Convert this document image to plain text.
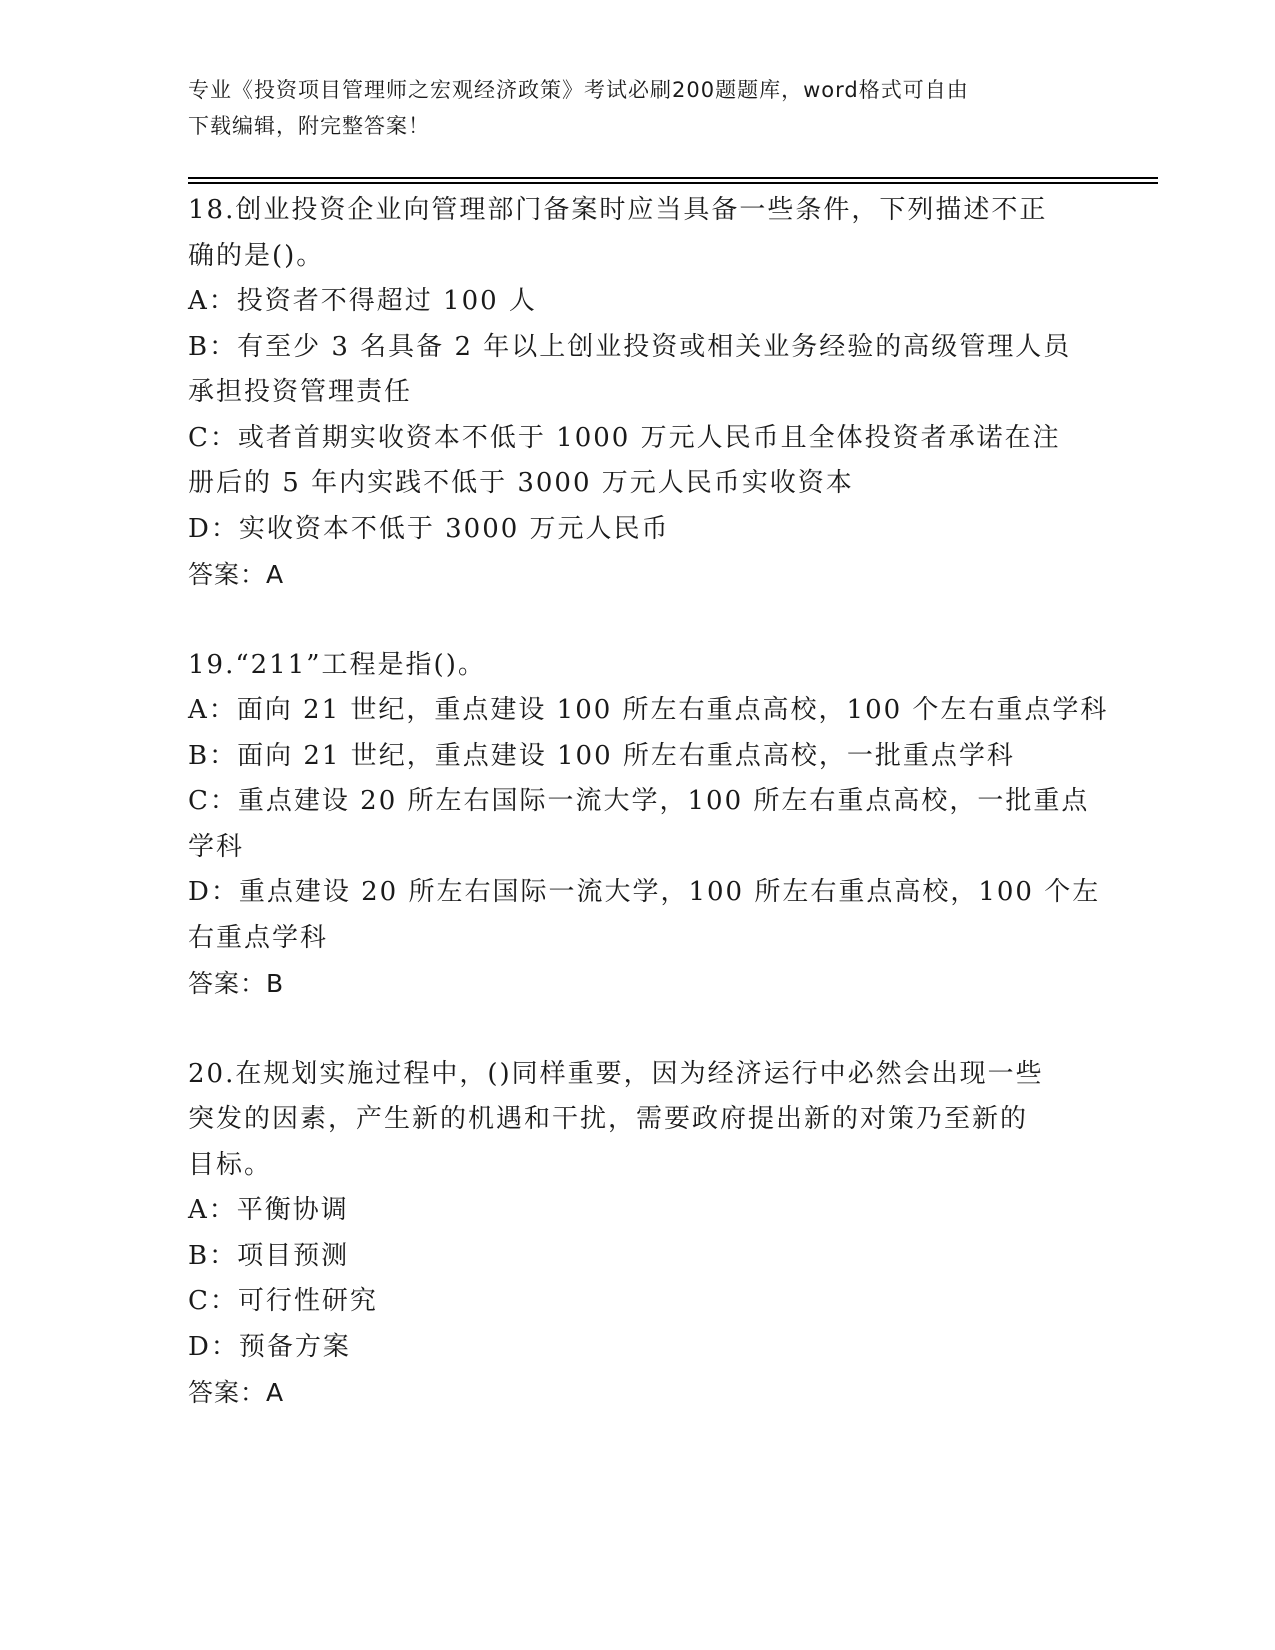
专业《投资项目管理师之宏观经济政策》考试必刷200题题库，word格式可自由
下载编辑，附完整答案！
18.创业投资企业向管理部门备案时应当具备一些条件，下列描述不正
确的是()。
A：投资者不得超过 100 人
B：有至少 3 名具备 2 年以上创业投资或相关业务经验的高级管理人员
承担投资管理责任
C：或者首期实收资本不低于 1000 万元人民币且全体投资者承诺在注
册后的 5 年内实践不低于 3000 万元人民币实收资本
D：实收资本不低于 3000 万元人民币
答案：A
19.“211”工程是指()。
A：面向 21 世纪，重点建设 100 所左右重点高校，100 个左右重点学科
B：面向 21 世纪，重点建设 100 所左右重点高校，一批重点学科
C：重点建设 20 所左右国际一流大学，100 所左右重点高校，一批重点
学科
D：重点建设 20 所左右国际一流大学，100 所左右重点高校，100 个左
右重点学科
答案：B
20.在规划实施过程中，()同样重要，因为经济运行中必然会出现一些
突发的因素，产生新的机遇和干扰，需要政府提出新的对策乃至新的
目标。
A：平衡协调
B：项目预测
C：可行性研究
D：预备方案
答案：A
